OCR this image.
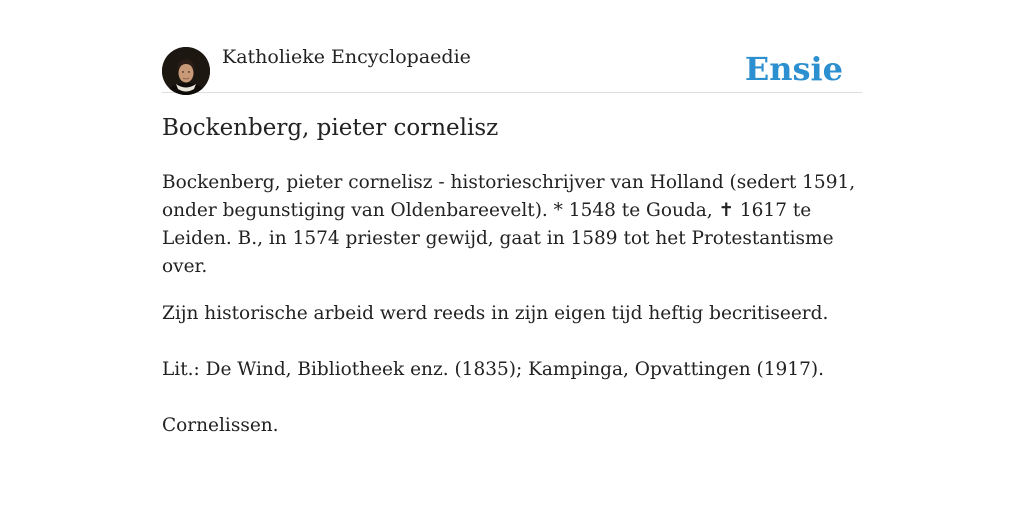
Katholieke Encyclopaedie	Ensie
Bockenberg, pieter cornelisz

Bockenberg, pieter cornelisz - historieschrijver van Holland (sedert 1591, onder begunstiging van Oldenbareevelt). * 1548 te Gouda, ✝ 1617 te Leiden. B., in 1574 priester gewijd, gaat in 1589 tot het Protestantisme over.

Zijn historische arbeid werd reeds in zijn eigen tijd heftig becritiseerd.

Lit.: De Wind, Bibliotheek enz. (1835); Kampinga, Opvattingen (1917).

Cornelissen.
